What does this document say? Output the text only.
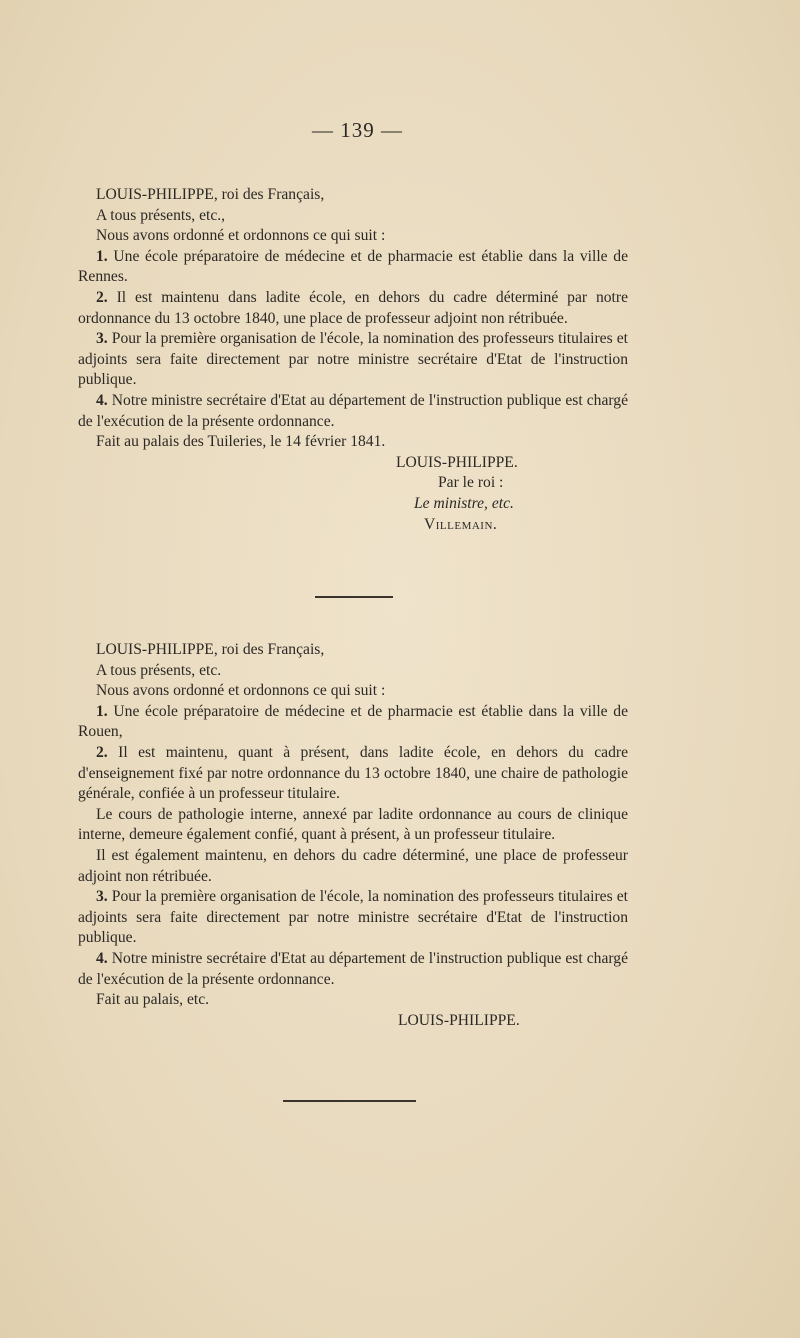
— 139 —

LOUIS-PHILIPPE, roi des Français,

A tous présents, etc.,

Nous avons ordonné et ordonnons ce qui suit :

1. Une école préparatoire de médecine et de pharmacie est établie dans la ville de Rennes.

2. Il est maintenu dans ladite école, en dehors du cadre déterminé par notre ordonnance du 13 octobre 1840, une place de professeur adjoint non rétribuée.

3. Pour la première organisation de l'école, la nomination des professeurs titulaires et adjoints sera faite directement par notre ministre secrétaire d'Etat de l'instruction publique.

4. Notre ministre secrétaire d'Etat au département de l'instruction publique est chargé de l'exécution de la présente ordonnance.

Fait au palais des Tuileries, le 14 février 1841.

LOUIS-PHILIPPE.

Par le roi :

Le ministre, etc.

Villemain.

LOUIS-PHILIPPE, roi des Français,

A tous présents, etc.

Nous avons ordonné et ordonnons ce qui suit :

1. Une école préparatoire de médecine et de pharmacie est établie dans la ville de Rouen,

2. Il est maintenu, quant à présent, dans ladite école, en dehors du cadre d'enseignement fixé par notre ordonnance du 13 octobre 1840, une chaire de pathologie générale, confiée à un professeur titulaire.

Le cours de pathologie interne, annexé par ladite ordonnance au cours de clinique interne, demeure également confié, quant à présent, à un professeur titulaire.

Il est également maintenu, en dehors du cadre déterminé, une place de professeur adjoint non rétribuée.

3. Pour la première organisation de l'école, la nomination des professeurs titulaires et adjoints sera faite directement par notre ministre secrétaire d'Etat de l'instruction publique.

4. Notre ministre secrétaire d'Etat au département de l'instruction publique est chargé de l'exécution de la présente ordonnance.

Fait au palais, etc.

LOUIS-PHILIPPE.
